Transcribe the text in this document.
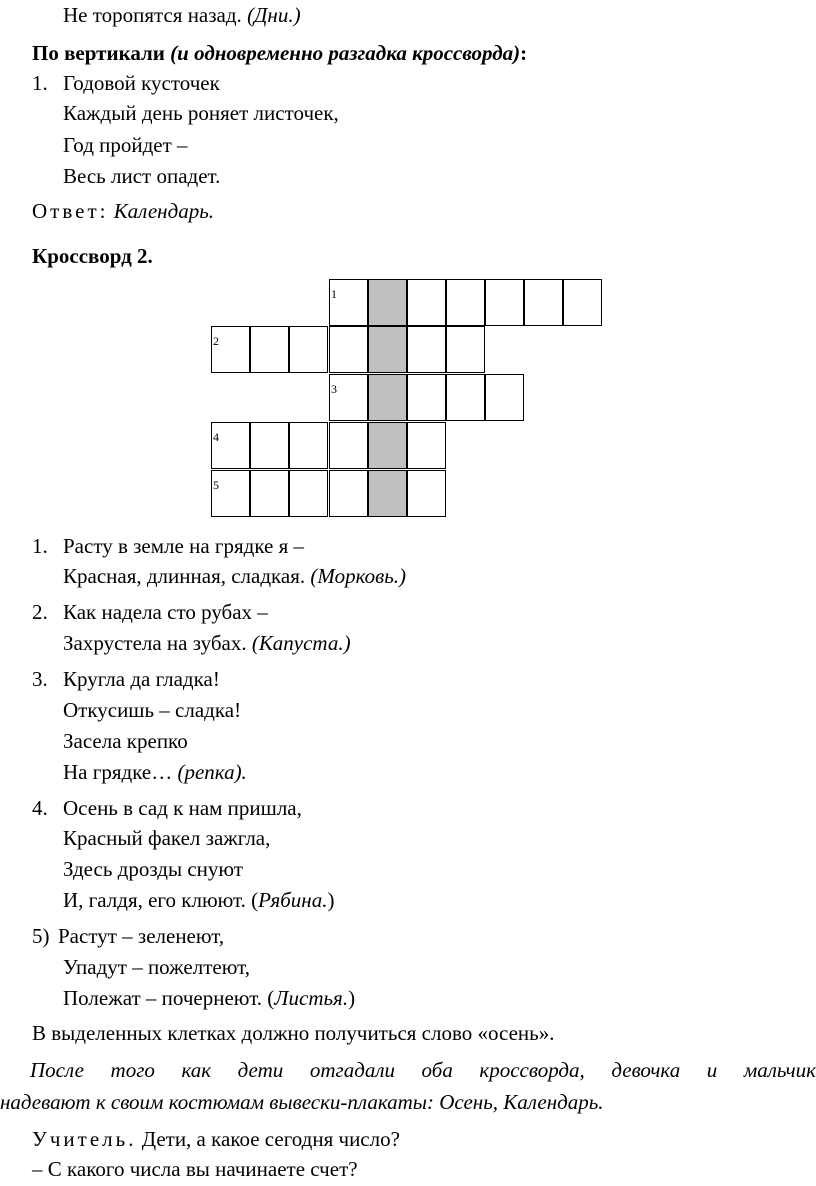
Не торопятся назад. (Дни.)
По вертикали (и одновременно разгадка кроссворда):
1. Годовой кусточек
Каждый день роняет листочек,
Год пройдет –
Весь лист опадет.
Ответ: Календарь.
Кроссворд 2.
1
2
3
4
5
1. Расту в земле на грядке я –
Красная, длинная, сладкая. (Морковь.)
2. Как надела сто рубах –
Захрустела на зубах. (Капуста.)
3. Кругла да гладка!
Откусишь – сладка!
Засела крепко
На грядке… (репка).
4. Осень в сад к нам пришла,
Красный факел зажгла,
Здесь дрозды снуют
И, галдя, его клюют. (Рябина.)
5) Растут – зеленеют,
Упадут – пожелтеют,
Полежат – почернеют. (Листья.)
В выделенных клетках должно получиться слово «осень».
После того как дети отгадали оба кроссворда, девочка и мальчик
надевают к своим костюмам вывески-плакаты: Осень, Календарь.
Учитель. Дети, а какое сегодня число?
– С какого числа вы начинаете счет?
